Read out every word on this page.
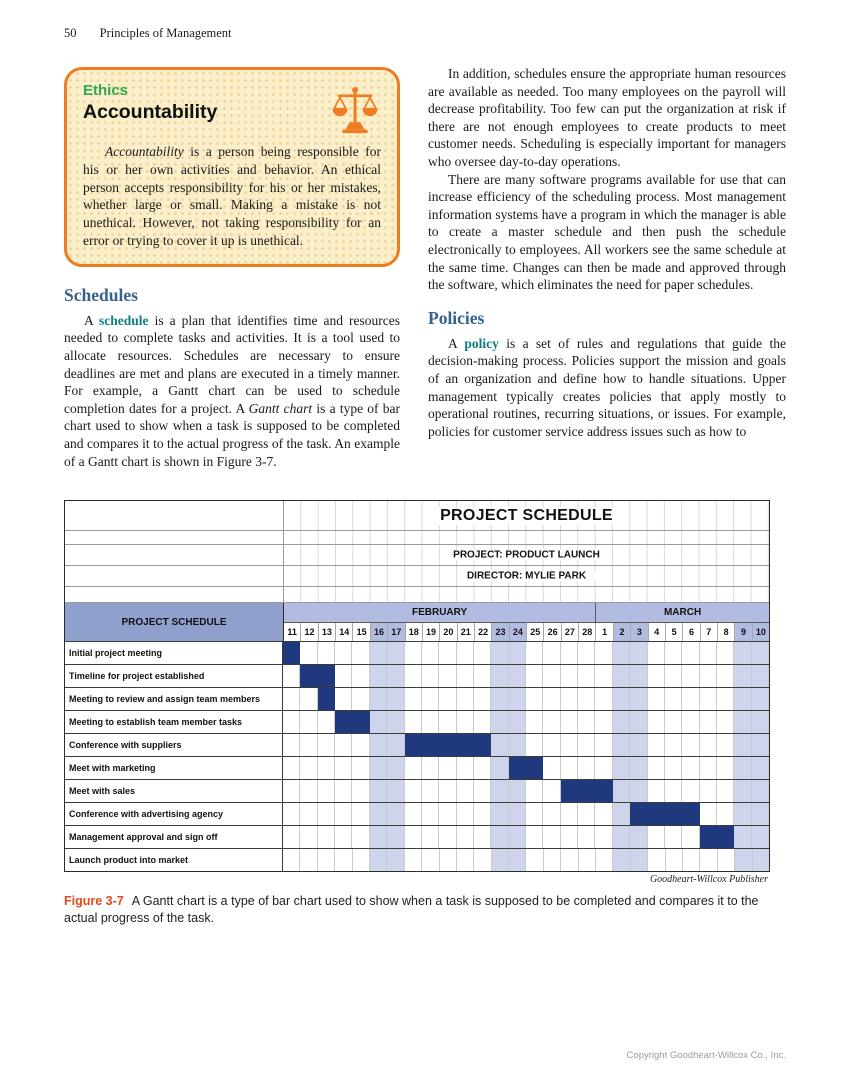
50 Principles of Management
Ethics
Accountability

Accountability is a person being responsible for his or her own activities and behavior. An ethical person accepts responsibility for his or her mistakes, whether large or small. Making a mistake is not unethical. However, not taking responsibility for an error or trying to cover it up is unethical.

Schedules

A schedule is a plan that identifies time and resources needed to complete tasks and activities. It is a tool used to allocate resources. Schedules are necessary to ensure deadlines are met and plans are executed in a timely manner. For example, a Gantt chart can be used to schedule completion dates for a project. A Gantt chart is a type of bar chart used to show when a task is supposed to be completed and compares it to the actual progress of the task. An example of a Gantt chart is shown in Figure 3-7.

In addition, schedules ensure the appropriate human resources are available as needed. Too many employees on the payroll will decrease profitability. Too few can put the organization at risk if there are not enough employees to create products to meet customer needs. Scheduling is especially important for managers who oversee day-to-day operations.

There are many software programs available for use that can increase efficiency of the scheduling process. Most management information systems have a program in which the manager is able to create a master schedule and then push the schedule electronically to employees. All workers see the same schedule at the same time. Changes can then be made and approved through the software, which eliminates the need for paper schedules.

Policies

A policy is a set of rules and regulations that guide the decision-making process. Policies support the mission and goals of an organization and define how to handle situations. Upper management typically creates policies that apply mostly to operational routines, recurring situations, or issues. For example, policies for customer service address issues such as how to

PROJECT SCHEDULE
PROJECT: PRODUCT LAUNCH
DIRECTOR: MYLIE PARK
PROJECT SCHEDULE
FEBRUARY	MARCH
11 12 13 14 15 16 17 18 19 20 21 22 23 24 25 26 27 28	1	2	3	4	5	6	7	8	9	10
Initial project meeting
Timeline for project established
Meeting to review and assign team members
Meeting to establish team member tasks
Conference with suppliers
Meet with marketing
Meet with sales
Conference with advertising agency
Management approval and sign off
Launch product into market
Goodheart-Willcox Publisher
Figure 3-7 A Gantt chart is a type of bar chart used to show when a task is supposed to be completed and compares it to the actual progress of the task.
Copyright Goodheart-Willcox Co., Inc.
